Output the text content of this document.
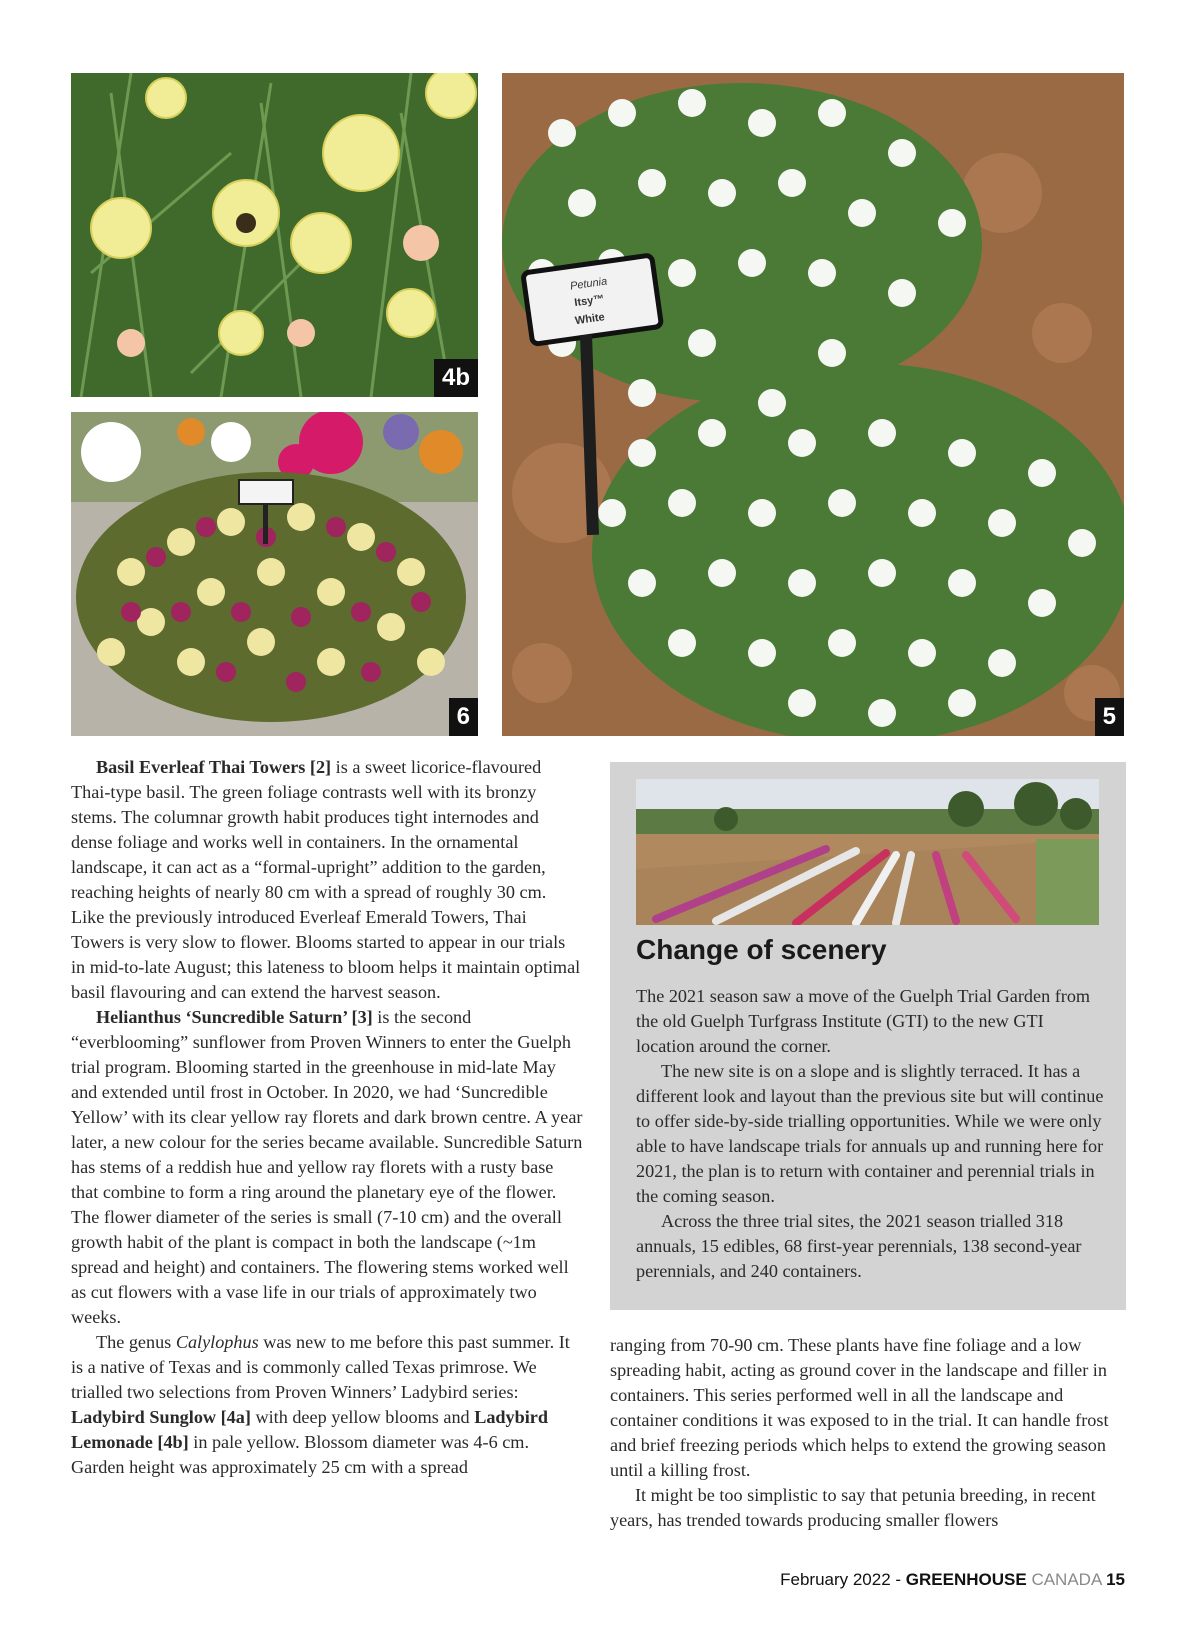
4b
6
Petunia
Itsy™
White
5

Basil Everleaf Thai Towers [2] is a sweet licorice-flavoured Thai-type basil. The green foliage contrasts well with its bronzy stems. The columnar growth habit produces tight internodes and dense foliage and works well in containers. In the ornamental landscape, it can act as a “formal-upright” addition to the garden, reaching heights of nearly 80 cm with a spread of roughly 30 cm. Like the previously introduced Everleaf Emerald Towers, Thai Towers is very slow to flower. Blooms started to appear in our trials in mid-to-late August; this lateness to bloom helps it maintain optimal basil flavouring and can extend the harvest season.

Helianthus ‘Suncredible Saturn’ [3] is the second “everblooming” sunflower from Proven Winners to enter the Guelph trial program. Blooming started in the greenhouse in mid-late May and extended until frost in October. In 2020, we had ‘Suncredible Yellow’ with its clear yellow ray florets and dark brown centre. A year later, a new colour for the series became available. Suncredible Saturn has stems of a reddish hue and yellow ray florets with a rusty base that combine to form a ring around the planetary eye of the flower. The flower diameter of the series is small (7-10 cm) and the overall growth habit of the plant is compact in both the landscape (~1m spread and height) and containers. The flowering stems worked well as cut flowers with a vase life in our trials of approximately two weeks.

The genus Calylophus was new to me before this past summer. It is a native of Texas and is commonly called Texas primrose. We trialled two selections from Proven Winners’ Ladybird series: Ladybird Sunglow [4a] with deep yellow blooms and Ladybird Lemonade [4b] in pale yellow. Blossom diameter was 4-6 cm. Garden height was approximately 25 cm with a spread

Change of scenery

The 2021 season saw a move of the Guelph Trial Garden from the old Guelph Turfgrass Institute (GTI) to the new GTI location around the corner.

The new site is on a slope and is slightly terraced. It has a different look and layout than the previous site but will continue to offer side-by-side trialling opportunities. While we were only able to have landscape trials for annuals up and running here for 2021, the plan is to return with container and perennial trials in the coming season.

Across the three trial sites, the 2021 season trialled 318 annuals, 15 edibles, 68 first-year perennials, 138 second-year perennials, and 240 containers.

ranging from 70-90 cm. These plants have fine foliage and a low spreading habit, acting as ground cover in the landscape and filler in containers. This series performed well in all the landscape and container conditions it was exposed to in the trial. It can handle frost and brief freezing periods which helps to extend the growing season until a killing frost.

It might be too simplistic to say that petunia breeding, in recent years, has trended towards producing smaller flowers

February 2022 - GREENHOUSE CANADA 15
